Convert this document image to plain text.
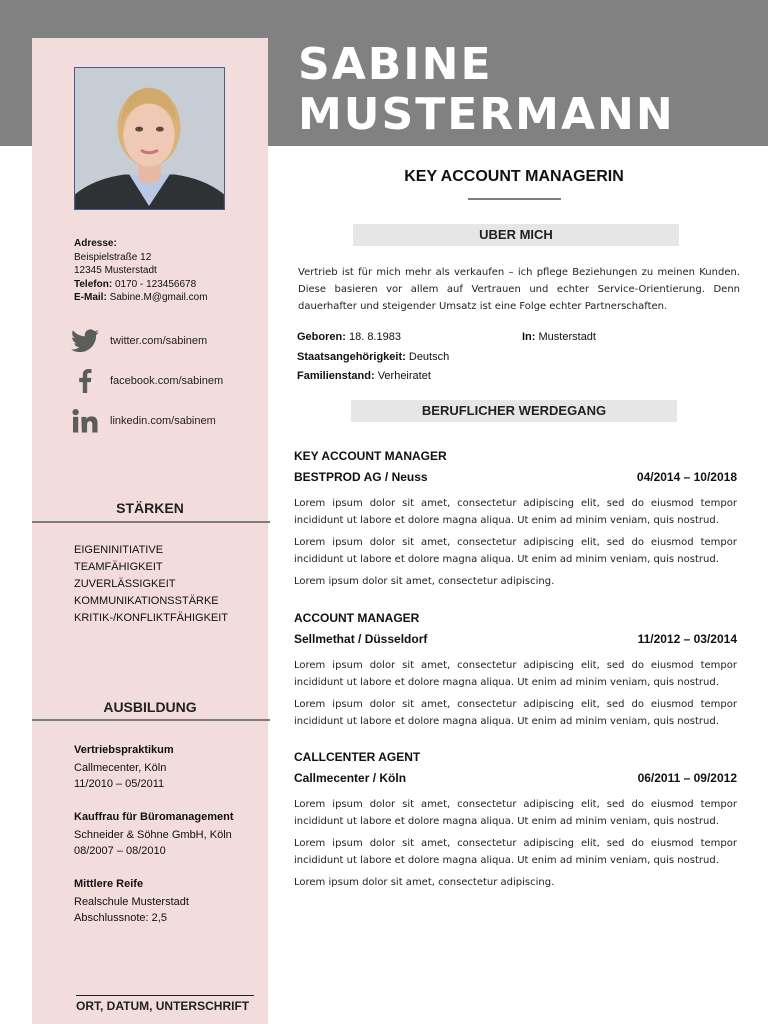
SABINE
MUSTERMANN
Adresse:
Beispielstraße 12
12345 Musterstadt
Telefon: 0170 - 123456678
E-Mail: Sabine.M@gmail.com
twitter.com/sabinem
facebook.com/sabinem
linkedin.com/sabinem
STÄRKEN
EIGENINITIATIVE
TEAMFÄHIGKEIT
ZUVERLÄSSIGKEIT
KOMMUNIKATIONSSTÄRKE
KRITIK-/KONFLIKTFÄHIGKEIT
AUSBILDUNG
Vertriebspraktikum
Callmecenter, Köln
11/2010 – 05/2011
Kauffrau für Büromanagement
Schneider & Söhne GmbH, Köln
08/2007 – 08/2010
Mittlere Reife
Realschule Musterstadt
Abschlussnote: 2,5
ORT, DATUM, UNTERSCHRIFT
KEY ACCOUNT MANAGERIN
UBER MICH
Vertrieb ist für mich mehr als verkaufen – ich pflege Beziehungen zu meinen Kunden. Diese basieren vor allem auf Vertrauen und echter Service-Orientierung. Denn dauerhafter und steigender Umsatz ist eine Folge echter Partnerschaften.
Geboren: 18. 8.1983	In: Musterstadt
Staatsangehörigkeit: Deutsch
Familienstand: Verheiratet
BERUFLICHER WERDEGANG
KEY ACCOUNT MANAGER
BESTPROD AG / Neuss	04/2014 – 10/2018

Lorem ipsum dolor sit amet, consectetur adipiscing elit, sed do eiusmod tempor incididunt ut labore et dolore magna aliqua. Ut enim ad minim veniam, quis nostrud.

Lorem ipsum dolor sit amet, consectetur adipiscing elit, sed do eiusmod tempor incididunt ut labore et dolore magna aliqua. Ut enim ad minim veniam, quis nostrud.

Lorem ipsum dolor sit amet, consectetur adipiscing.

ACCOUNT MANAGER
Sellmethat / Düsseldorf	11/2012 – 03/2014

Lorem ipsum dolor sit amet, consectetur adipiscing elit, sed do eiusmod tempor incididunt ut labore et dolore magna aliqua. Ut enim ad minim veniam, quis nostrud.

Lorem ipsum dolor sit amet, consectetur adipiscing elit, sed do eiusmod tempor incididunt ut labore et dolore magna aliqua. Ut enim ad minim veniam, quis nostrud.

CALLCENTER AGENT
Callmecenter / Köln	06/2011 – 09/2012

Lorem ipsum dolor sit amet, consectetur adipiscing elit, sed do eiusmod tempor incididunt ut labore et dolore magna aliqua. Ut enim ad minim veniam, quis nostrud.

Lorem ipsum dolor sit amet, consectetur adipiscing elit, sed do eiusmod tempor incididunt ut labore et dolore magna aliqua. Ut enim ad minim veniam, quis nostrud.

Lorem ipsum dolor sit amet, consectetur adipiscing.
